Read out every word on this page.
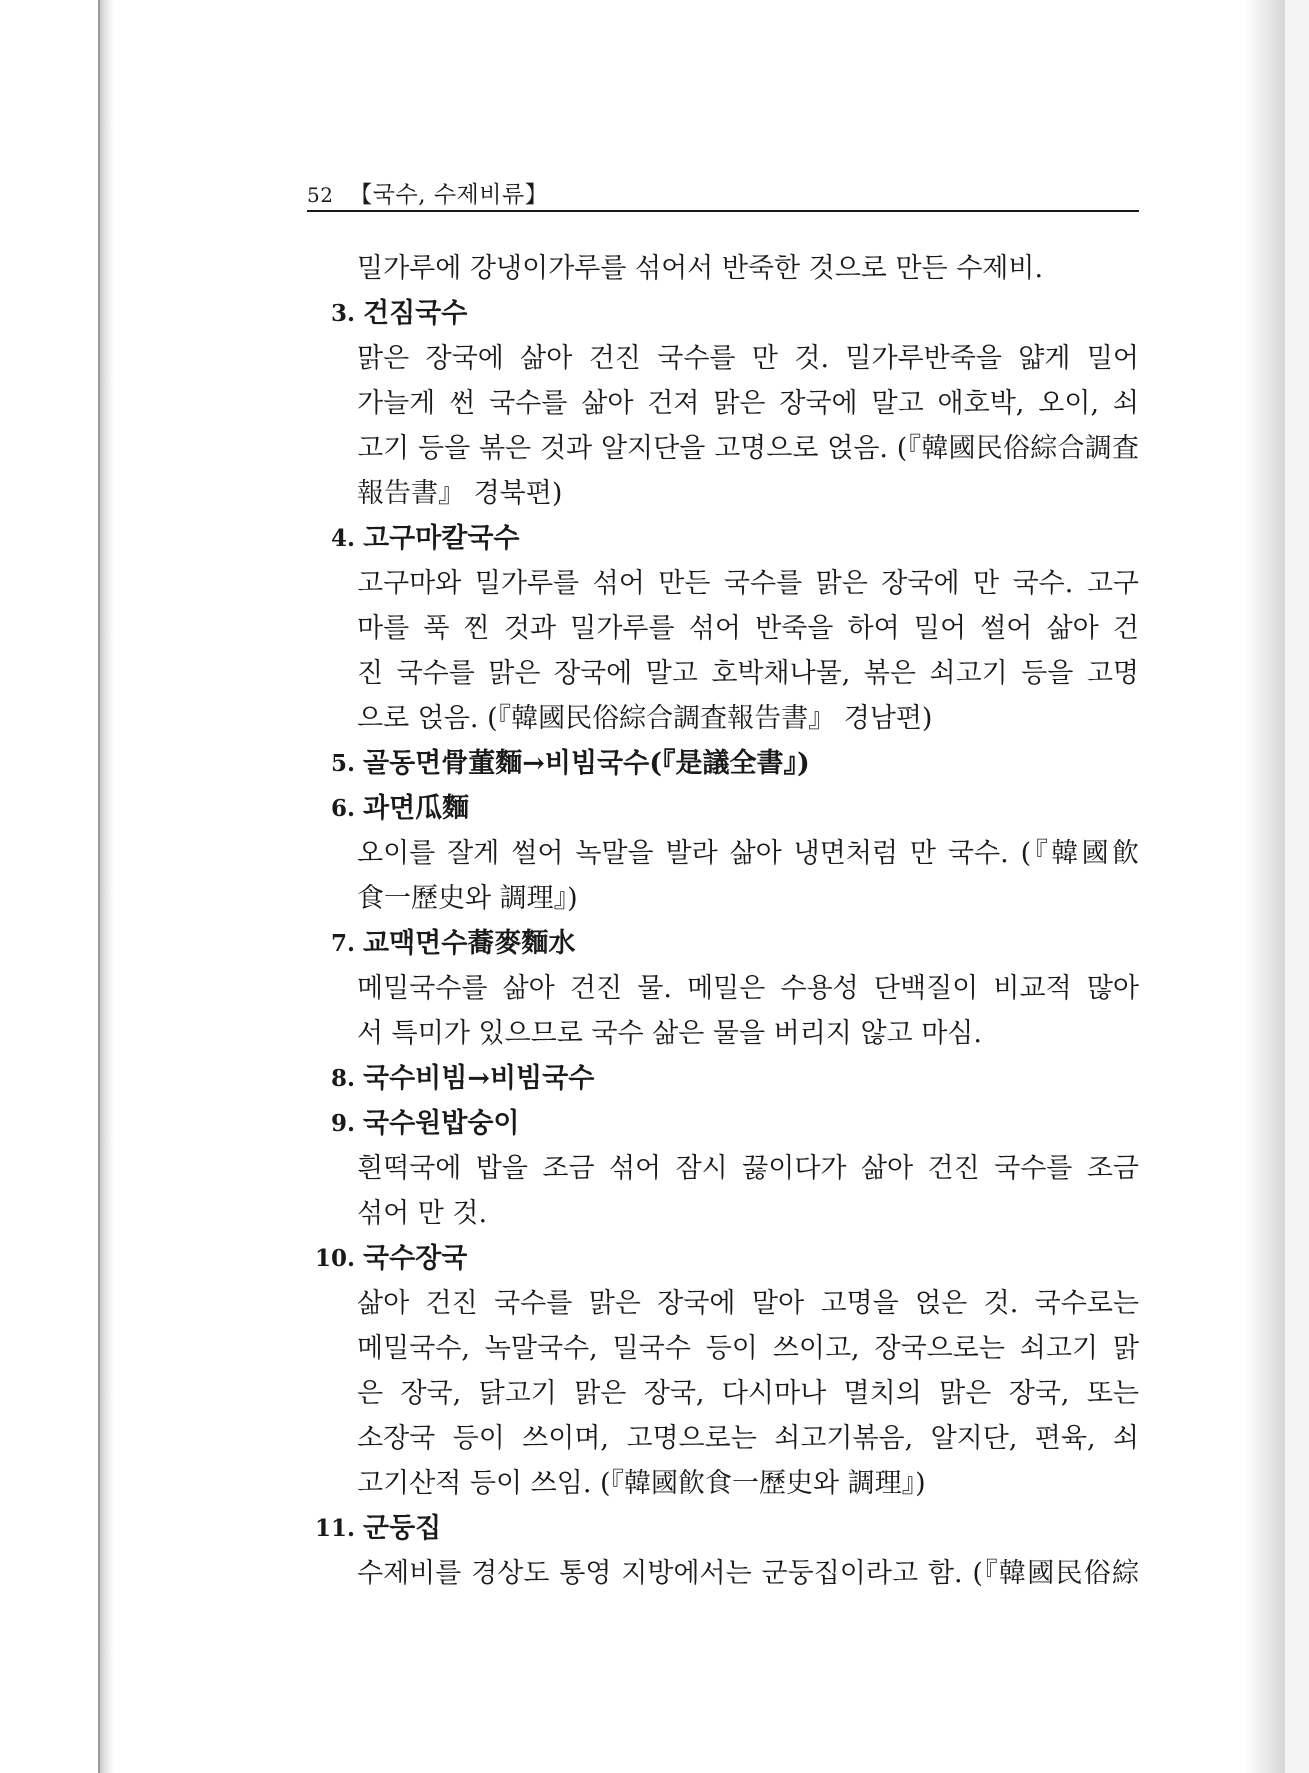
52 【국수, 수제비류】
밀가루에 강냉이가루를 섞어서 반죽한 것으로 만든 수제비.
3. 건짐국수
맑은 장국에 삶아 건진 국수를 만 것. 밀가루반죽을 얇게 밀어
가늘게 썬 국수를 삶아 건져 맑은 장국에 말고 애호박, 오이, 쇠
고기 등을 볶은 것과 알지단을 고명으로 얹음. (『韓國民俗綜合調査
報告書』 경북편)
4. 고구마칼국수
고구마와 밀가루를 섞어 만든 국수를 맑은 장국에 만 국수. 고구
마를 푹 찐 것과 밀가루를 섞어 반죽을 하여 밀어 썰어 삶아 건
진 국수를 맑은 장국에 말고 호박채나물, 볶은 쇠고기 등을 고명
으로 얹음. (『韓國民俗綜合調査報告書』 경남편)
5. 골동면骨董麵→비빔국수(『是議全書』)
6. 과면瓜麵
오이를 잘게 썰어 녹말을 발라 삶아 냉면처럼 만 국수. (『韓國飮
食一歷史와 調理』)
7. 교맥면수蕎麥麵水
메밀국수를 삶아 건진 물. 메밀은 수용성 단백질이 비교적 많아
서 특미가 있으므로 국수 삶은 물을 버리지 않고 마심.
8. 국수비빔→비빔국수
9. 국수원밥숭이
흰떡국에 밥을 조금 섞어 잠시 끓이다가 삶아 건진 국수를 조금
섞어 만 것.
10. 국수장국
삶아 건진 국수를 맑은 장국에 말아 고명을 얹은 것. 국수로는
메밀국수, 녹말국수, 밀국수 등이 쓰이고, 장국으로는 쇠고기 맑
은 장국, 닭고기 맑은 장국, 다시마나 멸치의 맑은 장국, 또는
소장국 등이 쓰이며, 고명으로는 쇠고기볶음, 알지단, 편육, 쇠
고기산적 등이 쓰임. (『韓國飮食一歷史와 調理』)
11. 군둥집
수제비를 경상도 통영 지방에서는 군둥집이라고 함. (『韓國民俗綜
